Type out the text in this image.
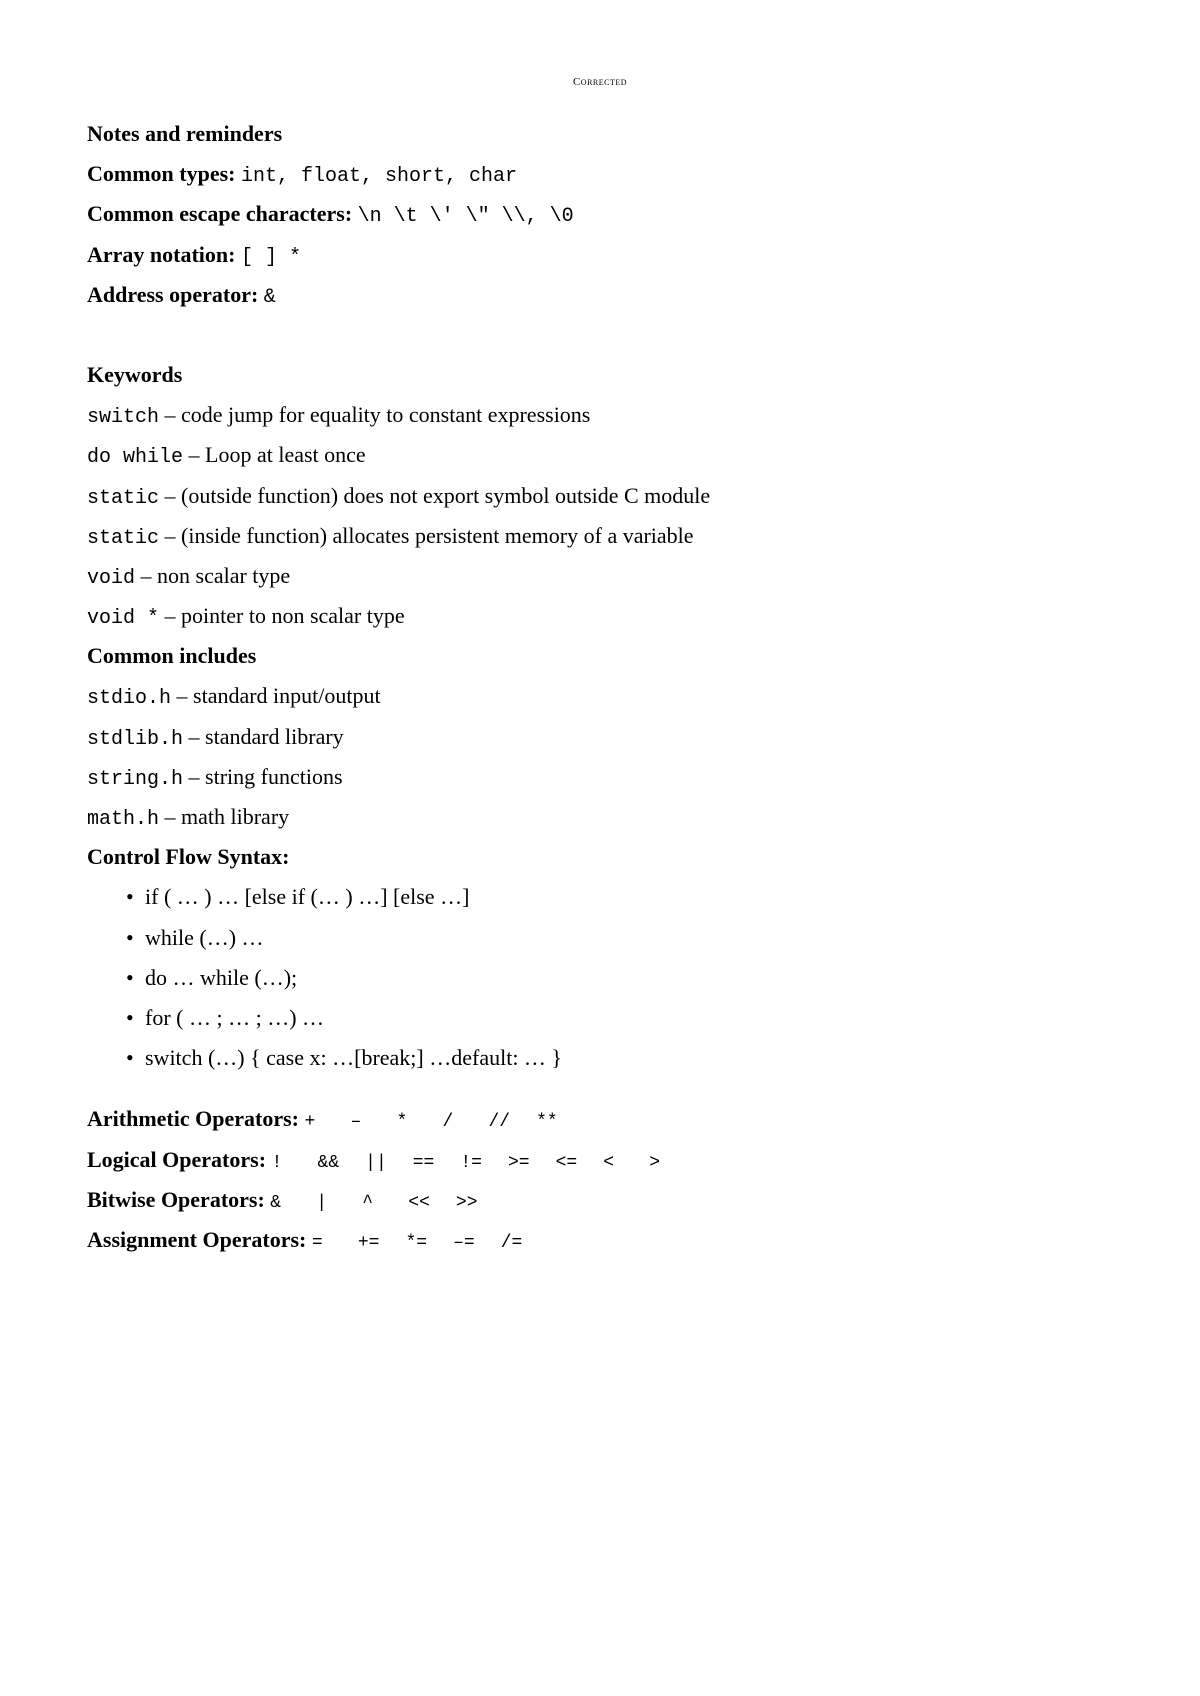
Corrected
Notes and reminders
Common types: int, float, short, char
Common escape characters: \n \t \' \" \\, \0
Array notation: [ ] *
Address operator: &
Keywords
switch – code jump for equality to constant expressions
do while – Loop at least once
static – (outside function) does not export symbol outside C module
static – (inside function) allocates persistent memory of a variable
void – non scalar type
void * – pointer to non scalar type
Common includes
stdio.h – standard input/output
stdlib.h – standard library
string.h – string functions
math.h – math library
Control Flow Syntax:
• if ( … ) … [else if (… ) …] [else …]
• while (…) …
• do … while (…);
• for ( … ; … ; …) …
• switch (…) { case x: …[break;] …default: … }
Arithmetic Operators: + – * / // **
Logical Operators: ! && || == != >= <= < >
Bitwise Operators: & | ^ << >>
Assignment Operators: = += *= –= /=
